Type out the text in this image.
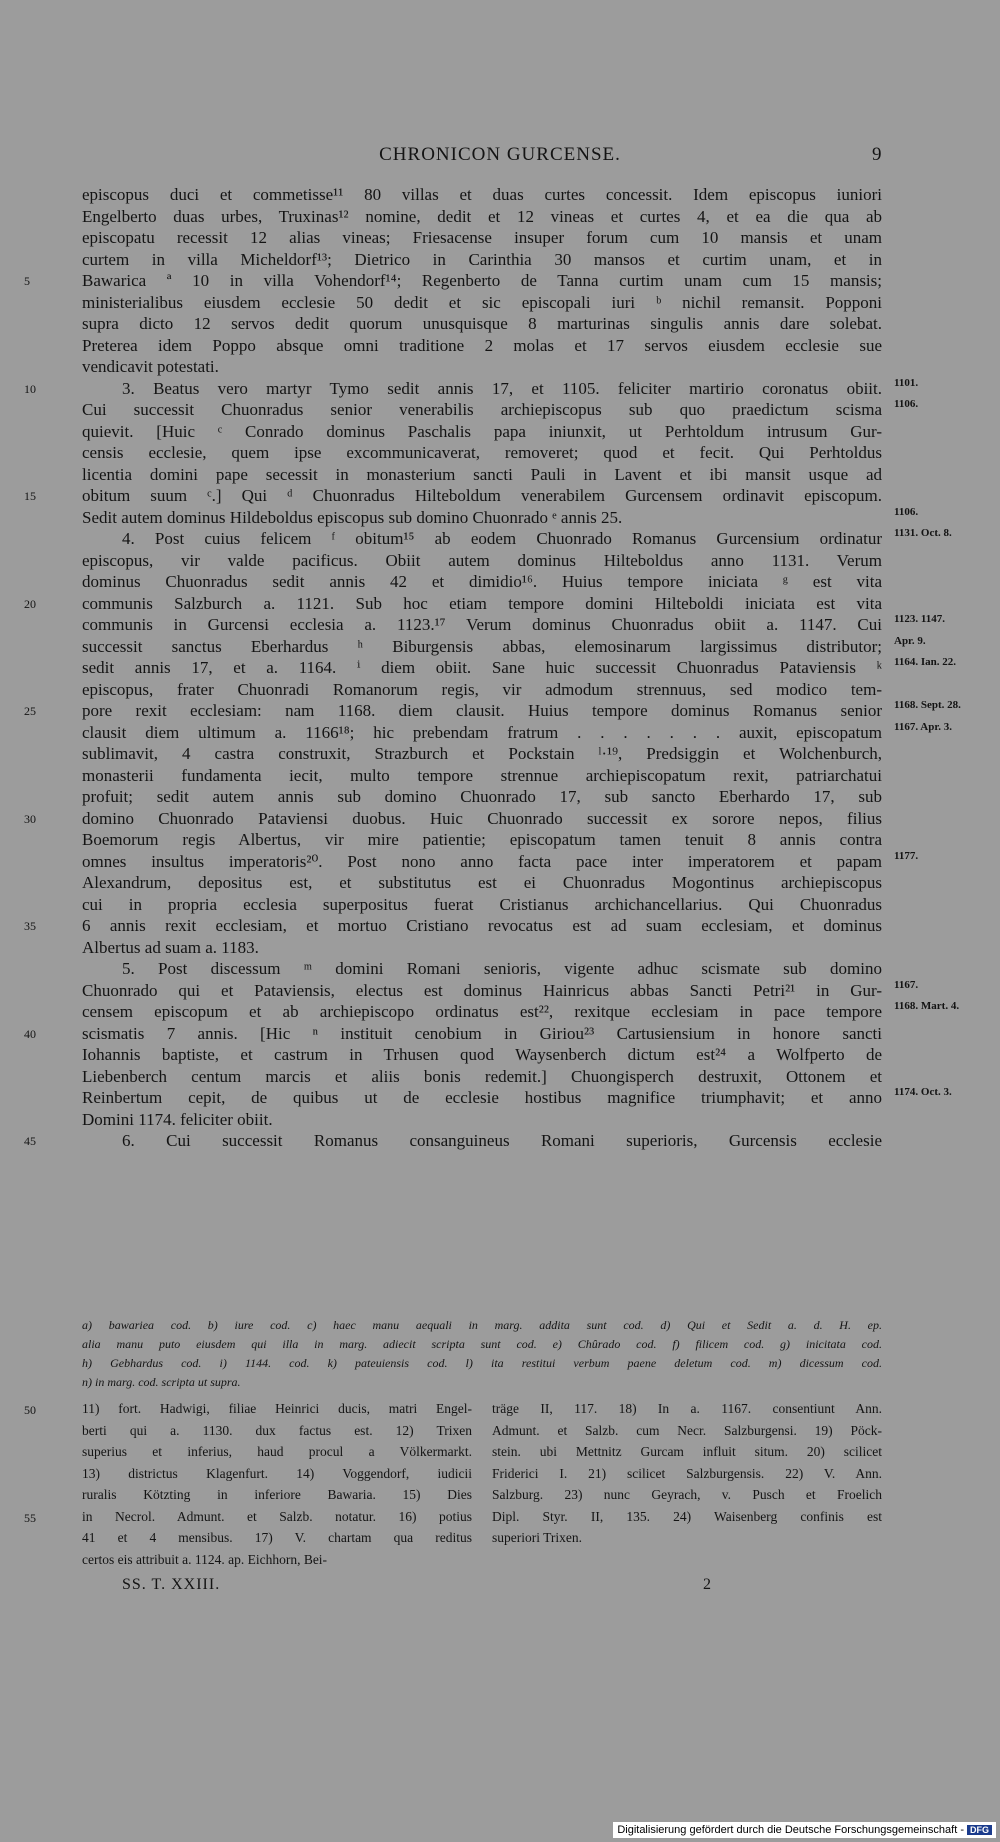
CHRONICON GURCENSE.	9
episcopus duci et commetisse¹¹ 80 villas et duas curtes concessit. Idem episcopus iuniori
Engelberto duas urbes, Truxinas¹² nomine, dedit et 12 vineas et curtes 4, et ea die qua ab
episcopatu recessit 12 alias vineas; Friesacense insuper forum cum 10 mansis et unam
curtem in villa Micheldorf¹³; Dietrico in Carinthia 30 mansos et curtim unam, et in
Bawarica ª 10 in villa Vohendorf¹⁴; Regenberto de Tanna curtim unam cum 15 mansis;
5
ministerialibus eiusdem ecclesie 50 dedit et sic episcopali iuri ᵇ nichil remansit. Popponi
supra dicto 12 servos dedit quorum unusquisque 8 marturinas singulis annis dare solebat.
Preterea idem Poppo absque omni traditione 2 molas et 17 servos eiusdem ecclesie sue
vendicavit potestati.
3. Beatus vero martyr Tymo sedit annis 17, et 1105. feliciter martirio coronatus obiit.
10	1101.
Cui successit Chuonradus senior venerabilis archiepiscopus sub quo praedictum scisma 1106.
quievit. [Huic ᶜ Conrado dominus Paschalis papa iniunxit, ut Perhtoldum intrusum Gur-
censis ecclesie, quem ipse excommunicaverat, removeret; quod et fecit. Qui Perhtoldus
licentia domini pape secessit in monasterium sancti Pauli in Lavent et ibi mansit usque ad
obitum suum ᶜ.] Qui ᵈ Chuonradus Hilteboldum venerabilem Gurcensem ordinavit episcopum.
15
Sedit autem dominus Hildeboldus episcopus sub domino Chuonrado ᵉ annis 25.	1106.
4. Post cuius felicem ᶠ obitum¹⁵ ab eodem Chuonrado Romanus Gurcensium ordinatur 1131. Oct. 8.
episcopus, vir valde pacificus. Obiit autem dominus Hilteboldus anno 1131. Verum
dominus Chuonradus sedit annis 42 et dimidio¹⁶. Huius tempore iniciata ᵍ est vita
communis Salzburch a. 1121. Sub hoc etiam tempore domini Hilteboldi iniciata est vita
20
communis in Gurcensi ecclesia a. 1123.¹⁷ Verum dominus Chuonradus obiit a. 1147. Cui 1123. 1147.
successit sanctus Eberhardus ʰ Biburgensis abbas, elemosinarum largissimus distributor; Apr. 9.
sedit annis 17, et a. 1164. ⁱ diem obiit. Sane huic successit Chuonradus Pataviensis ᵏ 1164. Ian. 22.
episcopus, frater Chuonradi Romanorum regis, vir admodum strennuus, sed modico tem-
pore rexit ecclesiam: nam 1168. diem clausit. Huius tempore dominus Romanus senior
25	1168. Sept. 28.
clausit diem ultimum a. 1166¹⁸; hic prebendam fratrum . . . . . . . auxit, episcopatum 1167. Apr. 3.
sublimavit, 4 castra construxit, Strazburch et Pockstain ˡ·¹⁹, Predsiggin et Wolchenburch,
monasterii fundamenta iecit, multo tempore strennue archiepiscopatum rexit, patriarchatui
profuit; sedit autem annis sub domino Chuonrado 17, sub sancto Eberhardo 17, sub
domino Chuonrado Pataviensi duobus. Huic Chuonrado successit ex sorore nepos, filius
30
Boemorum regis Albertus, vir mire patientie; episcopatum tamen tenuit 8 annis contra
omnes insultus imperatoris²⁰. Post nono anno facta pace inter imperatorem et papam 1177.
Alexandrum, depositus est, et substitutus est ei Chuonradus Mogontinus archiepiscopus
cui in propria ecclesia superpositus fuerat Cristianus archichancellarius. Qui Chuonradus
6 annis rexit ecclesiam, et mortuo Cristiano revocatus est ad suam ecclesiam, et dominus
35
Albertus ad suam a. 1183.
5. Post discessum ᵐ domini Romani senioris, vigente adhuc scismate sub domino
Chuonrado qui et Pataviensis, electus est dominus Hainricus abbas Sancti Petri²¹ in Gur- 1167.
censem episcopum et ab archiepiscopo ordinatus est²², rexitque ecclesiam in pace tempore 1168. Mart. 4.
scismatis 7 annis. [Hic ⁿ instituit cenobium in Giriou²³ Cartusiensium in honore sancti
40
Iohannis baptiste, et castrum in Trhusen quod Waysenberch dictum est²⁴ a Wolfperto de
Liebenberch centum marcis et aliis bonis redemit.] Chuongisperch destruxit, Ottonem et
Reinbertum cepit, de quibus ut de ecclesie hostibus magnifice triumphavit; et anno 1174. Oct. 3.
Domini 1174. feliciter obiit.
6. Cui successit Romanus consanguineus Romani superioris, Gurcensis ecclesie
45
a) bawariea cod. b) iure cod. c) haec manu aequali in marg. addita sunt cod. d) Qui et Sedit a. d. H. ep.
alia manu puto eiusdem qui illa in marg. adiecit scripta sunt cod. e) Chûrado cod. f) filicem cod. g) inicitata cod.
h) Gebhardus cod. i) 1144. cod. k) pateuiensis cod. l) ita restitui verbum paene deletum cod. m) dicessum cod.
n) in marg. cod. scripta ut supra.
11) fort. Hadwigi, filiae Heinrici ducis, matri Engel-
50
berti qui a. 1130. dux factus est. 12) Trixen
superius et inferius, haud procul a Völkermarkt.
13) districtus Klagenfurt. 14) Voggendorf, iudicii
ruralis Kötzting in inferiore Bawaria. 15) Dies
in Necrol. Admunt. et Salzb. notatur. 16) potius
55
41 et 4 mensibus. 17) V. chartam qua reditus
certos eis attribuit a. 1124. ap. Eichhorn, Bei-
träge II, 117. 18) In a. 1167. consentiunt Ann.
Admunt. et Salzb. cum Necr. Salzburgensi. 19) Pöck-
stein. ubi Mettnitz Gurcam influit situm. 20) scilicet
Friderici I. 21) scilicet Salzburgensis. 22) V. Ann.
Salzburg. 23) nunc Geyrach, v. Pusch et Froelich
Dipl. Styr. II, 135. 24) Waisenberg confinis est
superiori Trixen.
SS. T. XXIII.	2
Digitalisierung gefördert durch die Deutsche Forschungsgemeinschaft - DFG
